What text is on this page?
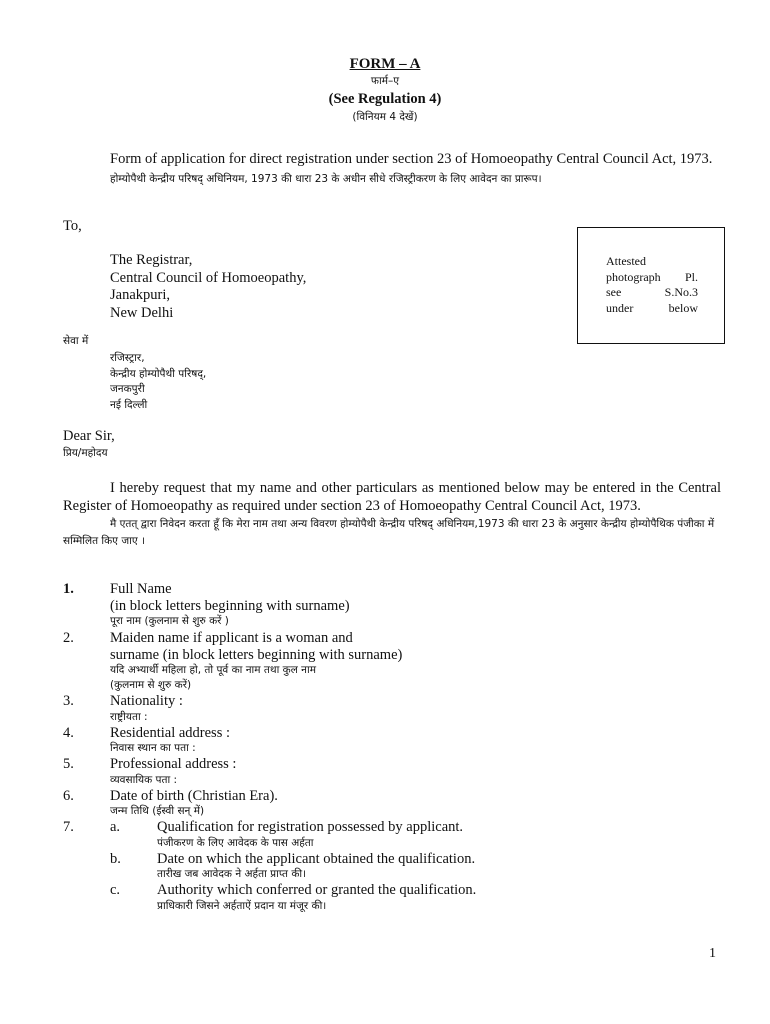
FORM – A
फार्म–ए
(See Regulation 4)
(विनियम 4 देखें)
Form of application for direct registration under section 23 of Homoeopathy Central Council Act, 1973.
होम्योपैथी केन्द्रीय परिषद् अधिनियम, 1973 की धारा 23 के अधीन सीधे रजिस्ट्रीकरण के लिए आवेदन का प्रारूप।
To,
The Registrar,
Central Council of Homoeopathy,
Janakpuri,
New Delhi
Attested
photograph Pl.
see	S.No.3
under	below
सेवा में
रजिस्ट्रार,
केन्द्रीय होम्योपैथी परिषद्,
जनकपुरी
नई दिल्ली
Dear Sir,
प्रिय/महोदय
I hereby request that my name and other particulars as mentioned below may be entered in the Central Register of Homoeopathy as required under section 23 of Homoeopathy Central Council Act, 1973.
मै एतत् द्वारा निवेदन करता हूँ कि मेरा नाम तथा अन्य विवरण होम्योपैथी केन्द्रीय परिषद् अधिनियम,1973 की धारा 23 के अनुसार केन्द्रीय होम्योपैथिक पंजीका में सम्मिलित किए जाए ।
1.	Full Name
(in block letters beginning with surname)
पूरा नाम (कुलनाम से शुरु करें )
2.	Maiden name if applicant is a woman and
surname (in block letters beginning with surname)
यदि अभ्यार्थी महिला हो, तो पूर्व का नाम तथा कुल नाम
(कुलनाम से शुरु करें)
3.	Nationality :
राष्ट्रीयता :
4.	Residential address :
निवास स्थान का पता :
5.	Professional address :
व्यवसायिक पता :
6.	Date of birth (Christian Era).
जन्म तिथि (ईस्वी सन् में)
7.	a.	Qualification for registration possessed by applicant.
पंजीकरण के लिए आवेदक के पास अर्हता
b.	Date on which the applicant obtained the qualification.
तारीख जब आवेदक ने अर्हता प्राप्त की।
c.	Authority which conferred or granted the qualification.
प्राधिकारी जिसने अर्हताऐं प्रदान या मंजूर की।
1
